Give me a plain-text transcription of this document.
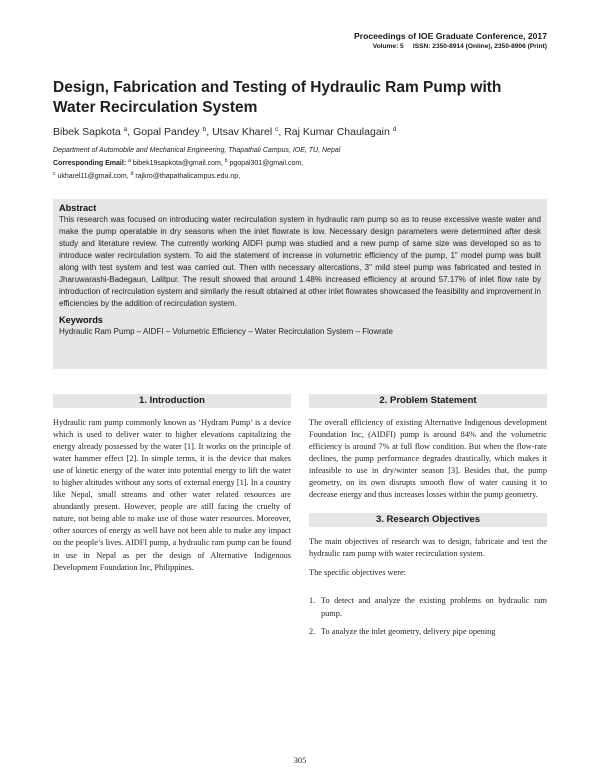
Proceedings of IOE Graduate Conference, 2017
Volume: 5     ISSN: 2350-8914 (Online), 2350-8906 (Print)
Design, Fabrication and Testing of Hydraulic Ram Pump with Water Recirculation System
Bibek Sapkota $^a$, Gopal Pandey $^b$, Utsav Kharel $^c$, Raj Kumar Chaulagain $^d$
Department of Automobile and Mechanical Engineering, Thapathali Campus, IOE, TU, Nepal
Corresponding Email: $^a$ bibek19sapkota@gmail.com, $^b$ pgopal301@gmail.com,
$^c$ ukharel11@gmail.com, $^d$ rajkro@thapathalicampus.edu.np,
Abstract

This research was focused on introducing water recirculation system in hydraulic ram pump so as to reuse excessive waste water and make the pump operatable in dry seasons when the inlet flowrate is low. Necessary design parameters were determined after desk study and literature review. The currently working AIDFI pump was studied and a new pump of same size was developed so as to introduce water recirculation system. To aid the statement of increase in volumetric efficiency of the pump, 1" model pump was built along with test system and test was carried out. Then with necessary altercations, 3" mild steel pump was fabricated and tested in Jharuwarashi-Badegaun, Lalitpur. The result showed that around 1.48% increased efficiency at around 57.17% of inlet flow rate by introduction of recirculation system and similarly the result obtained at other inlet flowrates showcased the feasibility and improvement in efficiencies by the addition of recirculation system.

Keywords
Hydraulic Ram Pump – AIDFI – Volumetric Efficiency – Water Recirculation System – Flowrate
1. Introduction

Hydraulic ram pump commonly known as ‘Hydram Pump’ is a device which is used to deliver water to higher elevations capitalizing the energy already possessed by the water [1]. It works on the principle of water hammer effect [2]. In simple terms, it is the device that makes use of kinetic energy of the water into potential energy to lift the water to higher altitudes without any sorts of external energy [1]. In a country like Nepal, small streams and other water related resources are abundantly present. However, people are still facing the cruelty of nature, not being able to make use of those water resources. Moreover, other sources of energy as well have not been able to make any impact on the people’s lives. AIDFI pump, a hydraulic ram pump can be found in use in Nepal as per the design of Alternative Indigenous Development Foundation Inc, Philippines.

2. Problem Statement

The overall efficiency of existing Alternative Indigenous development Foundation Inc, (AIDFI) pump is around 84% and the volumetric efficiency is around 7% at full flow condition. But when the flow-rate declines, the pump performance degrades drastically, which makes it infeasible to use in dry/winter season [3]. Besides that, the pump geometry, on its own disrupts smooth flow of water causing it to decrease energy and thus increases losses within the pump geometry.

3. Research Objectives

The main objectives of research was to design, fabricate and test the hydraulic ram pump with water recirculation system.

The specific objectives were:

1. To detect and analyze the existing problems on hydraulic ram pump.
2. To analyze the inlet geometry, delivery pipe opening
305
